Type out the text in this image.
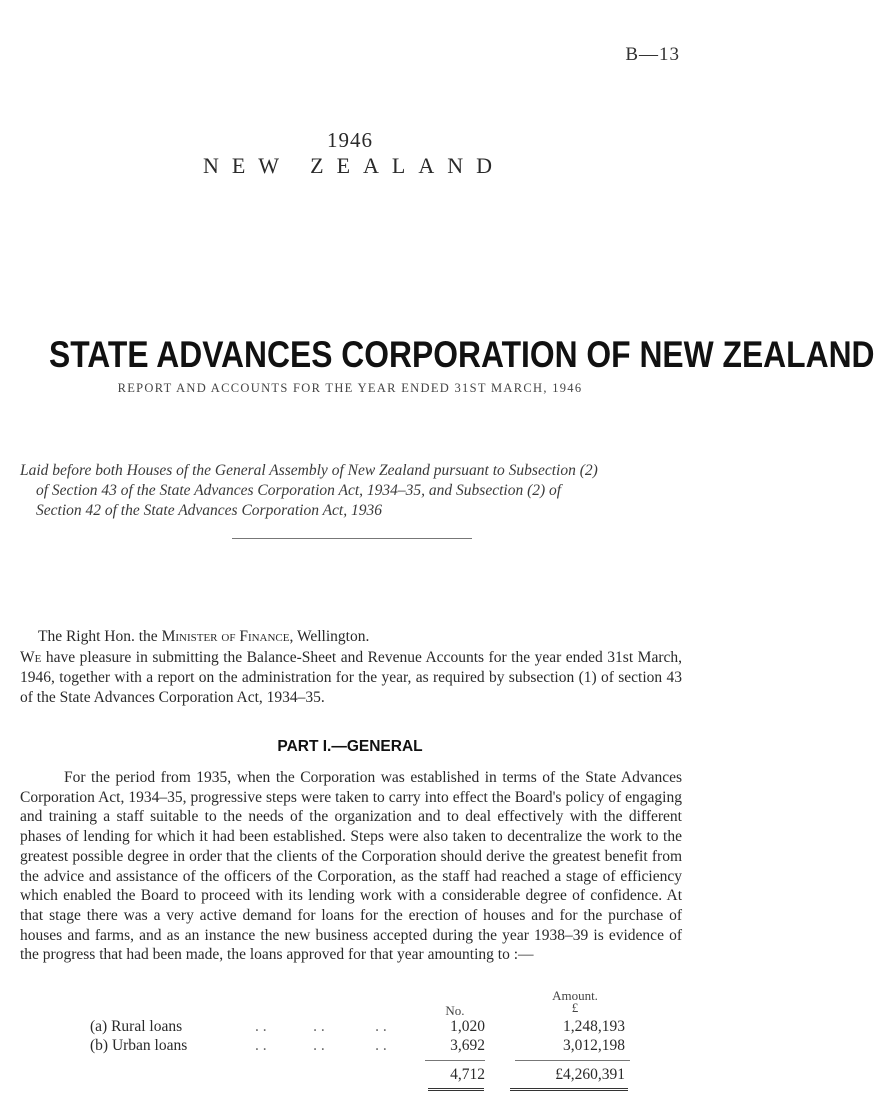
B—13
1946
NEW ZEALAND
STATE ADVANCES CORPORATION OF NEW ZEALAND
REPORT AND ACCOUNTS FOR THE YEAR ENDED 31ST MARCH, 1946
Laid before both Houses of the General Assembly of New Zealand pursuant to Subsection (2)
of Section 43 of the State Advances Corporation Act, 1934–35, and Subsection (2) of
Section 42 of the State Advances Corporation Act, 1936
The Right Hon. the Minister of Finance, Wellington.
We have pleasure in submitting the Balance-Sheet and Revenue Accounts for the year ended 31st March, 1946, together with a report on the administration for the year, as required by subsection (1) of section 43 of the State Advances Corporation Act, 1934–35.
PART I.—GENERAL
For the period from 1935, when the Corporation was established in terms of the State Advances Corporation Act, 1934–35, progressive steps were taken to carry into effect the Board's policy of engaging and training a staff suitable to the needs of the organization and to deal effectively with the different phases of lending for which it had been established. Steps were also taken to decentralize the work to the greatest possible degree in order that the clients of the Corporation should derive the greatest benefit from the advice and assistance of the officers of the Corporation, as the staff had reached a stage of efficiency which enabled the Board to proceed with its lending work with a considerable degree of confidence. At that stage there was a very active demand for loans for the erection of houses and for the purchase of houses and farms, and as an instance the new business accepted during the year 1938–39 is evidence of the progress that had been made, the loans approved for that year amounting to :—
No.
Amount.
£
(a) Rural loans	. .            . .             . .	1,020	1,248,193
(b) Urban loans	. .            . .             . .	3,692	3,012,198
4,712	£4,260,391
